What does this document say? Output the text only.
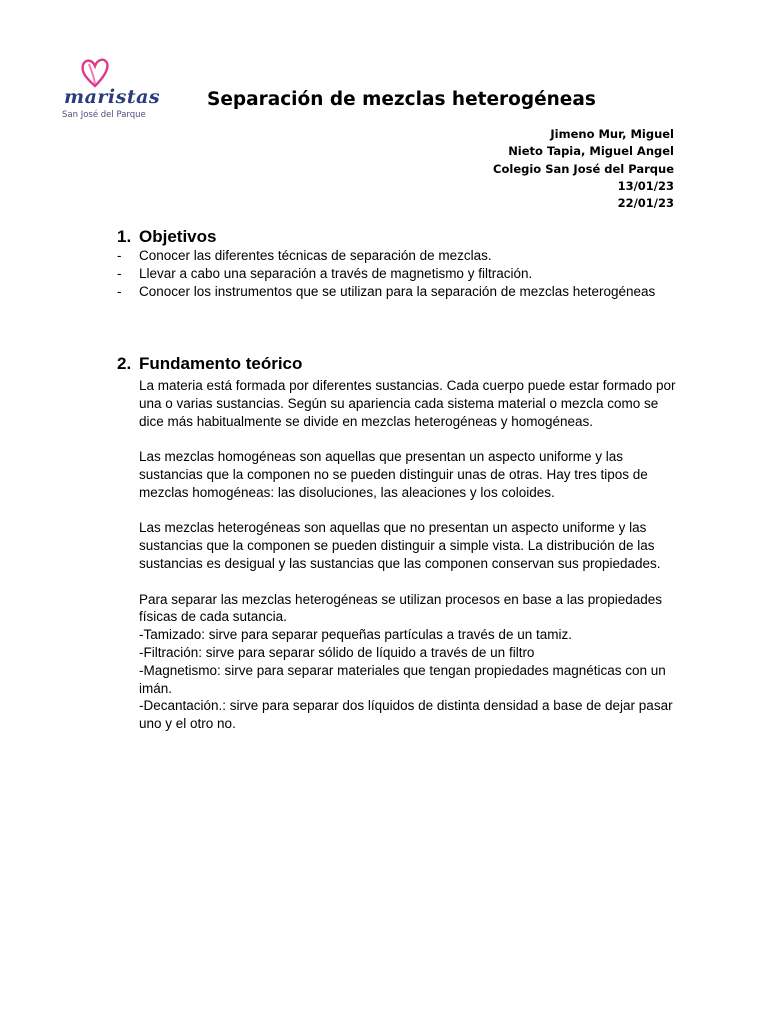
maristas
San José del Parque
Separación de mezclas heterogéneas
Jimeno Mur, Miguel
Nieto Tapia, Miguel Angel
Colegio San José del Parque
13/01/23
22/01/23
1. Objetivos
-	Conocer las diferentes técnicas de separación de mezclas.
-	Llevar a cabo una separación a través de magnetismo y filtración.
-	Conocer los instrumentos que se utilizan para la separación de mezclas heterogéneas
2. Fundamento teórico

La materia está formada por diferentes sustancias. Cada cuerpo puede estar formado por una o varias sustancias. Según su apariencia cada sistema material o mezcla como se dice más habitualmente se divide en mezclas heterogéneas y homogéneas.

Las mezclas homogéneas son aquellas que presentan un aspecto uniforme y las sustancias que la componen no se pueden distinguir unas de otras. Hay tres tipos de mezclas homogéneas: las disoluciones, las aleaciones y los coloides.

Las mezclas heterogéneas son aquellas que no presentan un aspecto uniforme y las sustancias que la componen se pueden distinguir a simple vista. La distribución de las sustancias es desigual y las sustancias que las componen conservan sus propiedades.

Para separar las mezclas heterogéneas se utilizan procesos en base a las propiedades físicas de cada sutancia.
-Tamizado: sirve para separar pequeñas partículas a través de un tamiz.
-Filtración: sirve para separar sólido de líquido a través de un filtro
-Magnetismo: sirve para separar materiales que tengan propiedades magnéticas con un imán.
-Decantación.: sirve para separar dos líquidos de distinta densidad a base de dejar pasar uno y el otro no.
